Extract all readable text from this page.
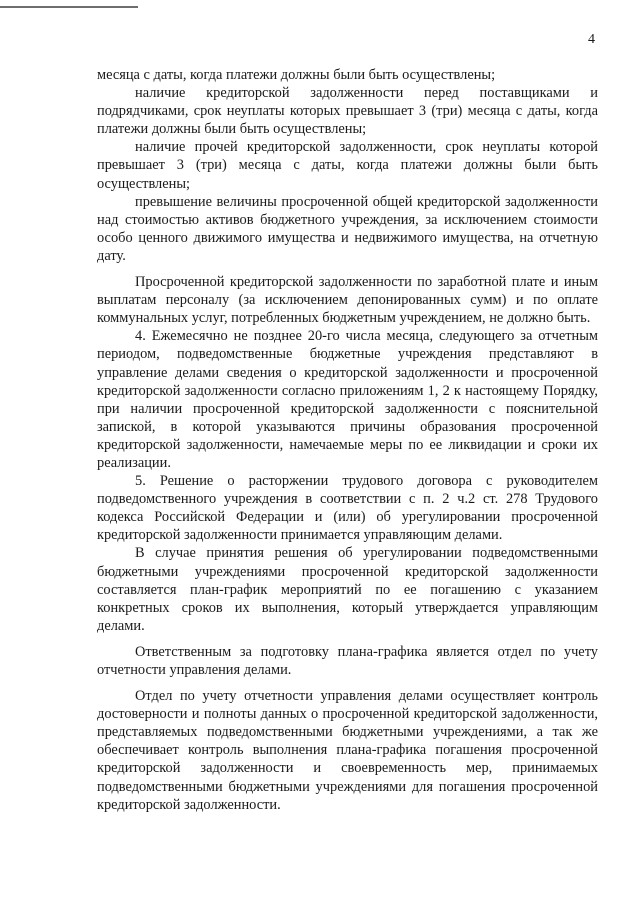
4

месяца с даты, когда платежи должны были быть осуществлены;

наличие кредиторской задолженности перед поставщиками и подрядчиками, срок неуплаты которых превышает 3 (три) месяца с даты, когда платежи должны были быть осуществлены;

наличие прочей кредиторской задолженности, срок неуплаты которой превышает 3 (три) месяца с даты, когда платежи должны были быть осуществлены;

превышение величины просроченной общей кредиторской задолженности над стоимостью активов бюджетного учреждения, за исключением стоимости особо ценного движимого имущества и недвижимого имущества, на отчетную дату.

Просроченной кредиторской задолженности по заработной плате и иным выплатам персоналу (за исключением депонированных сумм) и по оплате коммунальных услуг, потребленных бюджетным учреждением, не должно быть.

4. Ежемесячно не позднее 20-го числа месяца, следующего за отчетным периодом, подведомственные бюджетные учреждения представляют в управление делами сведения о кредиторской задолженности и просроченной кредиторской задолженности согласно приложениям 1, 2 к настоящему Порядку, при наличии просроченной кредиторской задолженности с пояснительной запиской, в которой указываются причины образования просроченной кредиторской задолженности, намечаемые меры по ее ликвидации и сроки их реализации.

5. Решение о расторжении трудового договора с руководителем подведомственного учреждения в соответствии с п. 2 ч.2 ст. 278 Трудового кодекса Российской Федерации и (или) об урегулировании просроченной кредиторской задолженности принимается управляющим делами.

В случае принятия решения об урегулировании подведомственными бюджетными учреждениями просроченной кредиторской задолженности составляется план-график мероприятий по ее погашению с указанием конкретных сроков их выполнения, который утверждается управляющим делами.

Ответственным за подготовку плана-графика является отдел по учету отчетности управления делами.

Отдел по учету отчетности управления делами осуществляет контроль достоверности и полноты данных о просроченной кредиторской задолженности, представляемых подведомственными бюджетными учреждениями, а так же обеспечивает контроль выполнения плана-графика погашения просроченной кредиторской задолженности и своевременность мер, принимаемых подведомственными бюджетными учреждениями для погашения просроченной кредиторской задолженности.
